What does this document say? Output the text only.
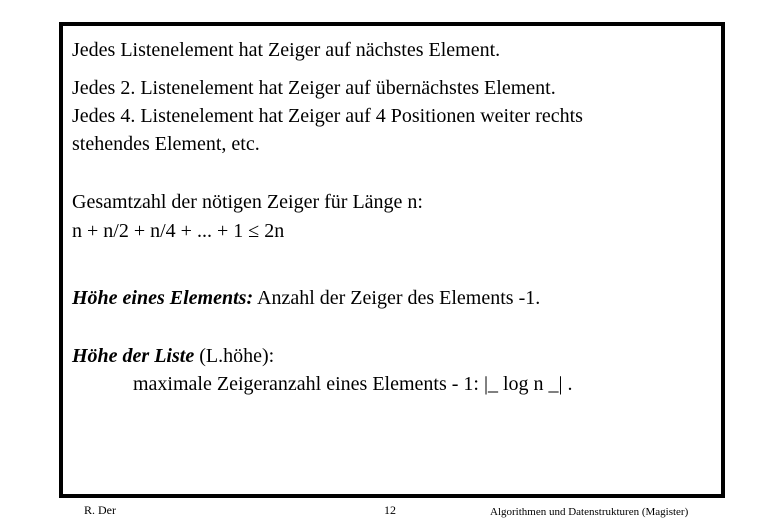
Jedes Listenelement hat Zeiger auf nächstes Element.
Jedes 2. Listenelement hat Zeiger auf übernächstes Element.
Jedes 4. Listenelement hat Zeiger auf 4 Positionen weiter rechts
stehendes Element, etc.
Gesamtzahl der nötigen Zeiger für Länge n:
n + n/2 + n/4 + ... + 1 ≤ 2n
Höhe eines Elements: Anzahl der Zeiger des Elements -1.
Höhe der Liste (L.höhe):
maximale Zeigeranzahl eines Elements - 1: |_ log n _| .
R. Der	12	Algorithmen und Datenstrukturen (Magister)
